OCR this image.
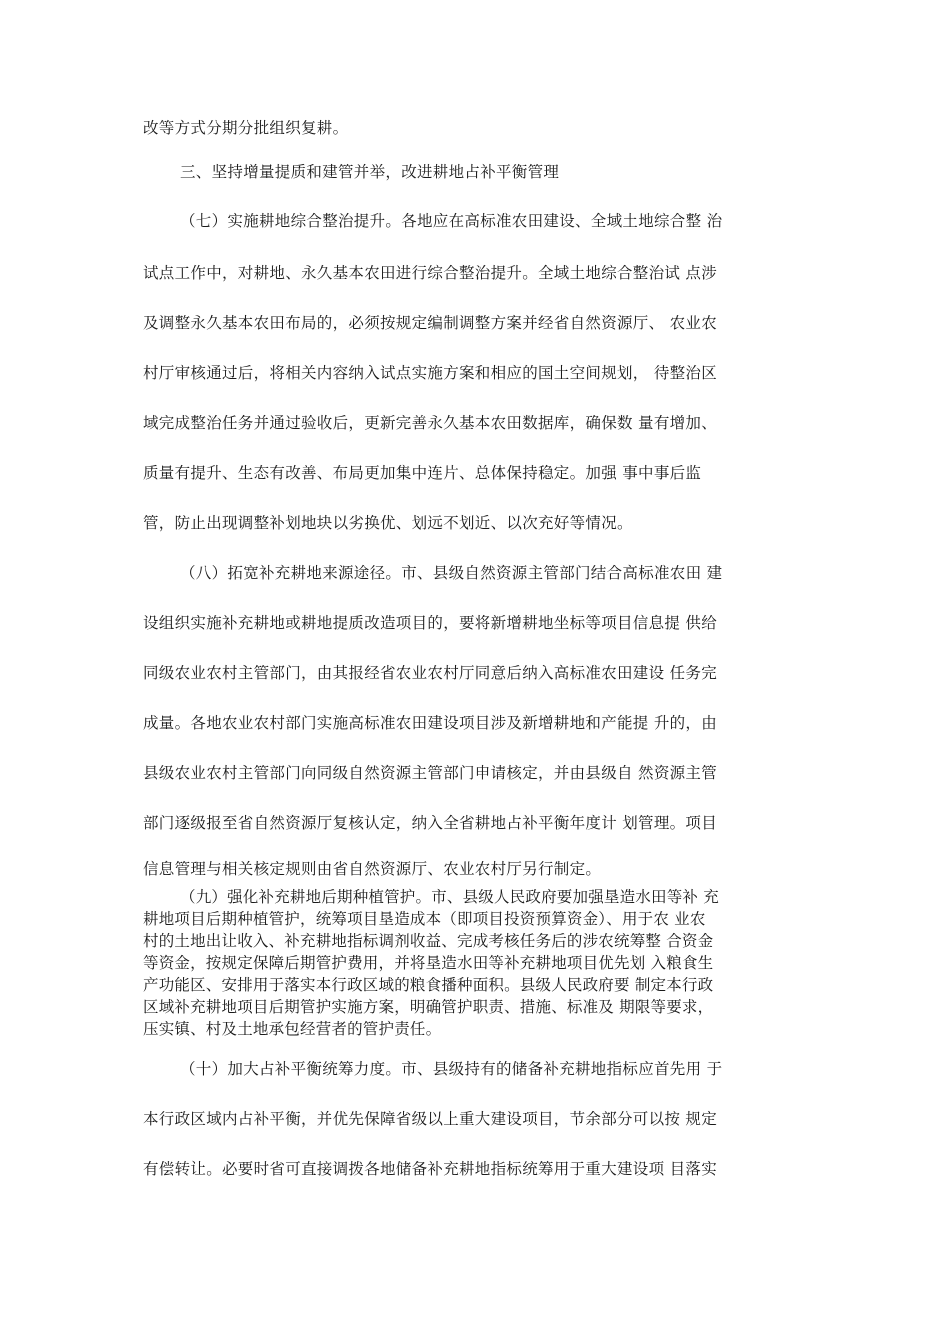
改等方式分期分批组织复耕。
三、坚持增量提质和建管并举，改进耕地占补平衡管理
（七）实施耕地综合整治提升。各地应在高标准农田建设、全域土地综合整 治
试点工作中，对耕地、永久基本农田进行综合整治提升。全域土地综合整治试 点涉
及调整永久基本农田布局的，必须按规定编制调整方案并经省自然资源厅、 农业农
村厅审核通过后，将相关内容纳入试点实施方案和相应的国土空间规划， 待整治区
域完成整治任务并通过验收后，更新完善永久基本农田数据库，确保数 量有增加、
质量有提升、生态有改善、布局更加集中连片、总体保持稳定。加强 事中事后监
管，防止出现调整补划地块以劣换优、划远不划近、以次充好等情况。
（八）拓宽补充耕地来源途径。市、县级自然资源主管部门结合高标准农田 建
设组织实施补充耕地或耕地提质改造项目的，要将新增耕地坐标等项目信息提 供给
同级农业农村主管部门，由其报经省农业农村厅同意后纳入高标准农田建设 任务完
成量。各地农业农村部门实施高标准农田建设项目涉及新增耕地和产能提 升的，由
县级农业农村主管部门向同级自然资源主管部门申请核定，并由县级自 然资源主管
部门逐级报至省自然资源厅复核认定，纳入全省耕地占补平衡年度计 划管理。项目
信息管理与相关核定规则由省自然资源厅、农业农村厅另行制定。
（九）强化补充耕地后期种植管护。市、县级人民政府要加强垦造水田等补 充
耕地项目后期种植管护，统筹项目垦造成本（即项目投资预算资金）、用于农 业农
村的土地出让收入、补充耕地指标调剂收益、完成考核任务后的涉农统筹整 合资金
等资金，按规定保障后期管护费用，并将垦造水田等补充耕地项目优先划 入粮食生
产功能区、安排用于落实本行政区域的粮食播种面积。县级人民政府要 制定本行政
区域补充耕地项目后期管护实施方案，明确管护职责、措施、标准及 期限等要求，
压实镇、村及土地承包经营者的管护责任。
（十）加大占补平衡统筹力度。市、县级持有的储备补充耕地指标应首先用 于
本行政区域内占补平衡，并优先保障省级以上重大建设项目，节余部分可以按 规定
有偿转让。必要时省可直接调拨各地储备补充耕地指标统筹用于重大建设项 目落实
